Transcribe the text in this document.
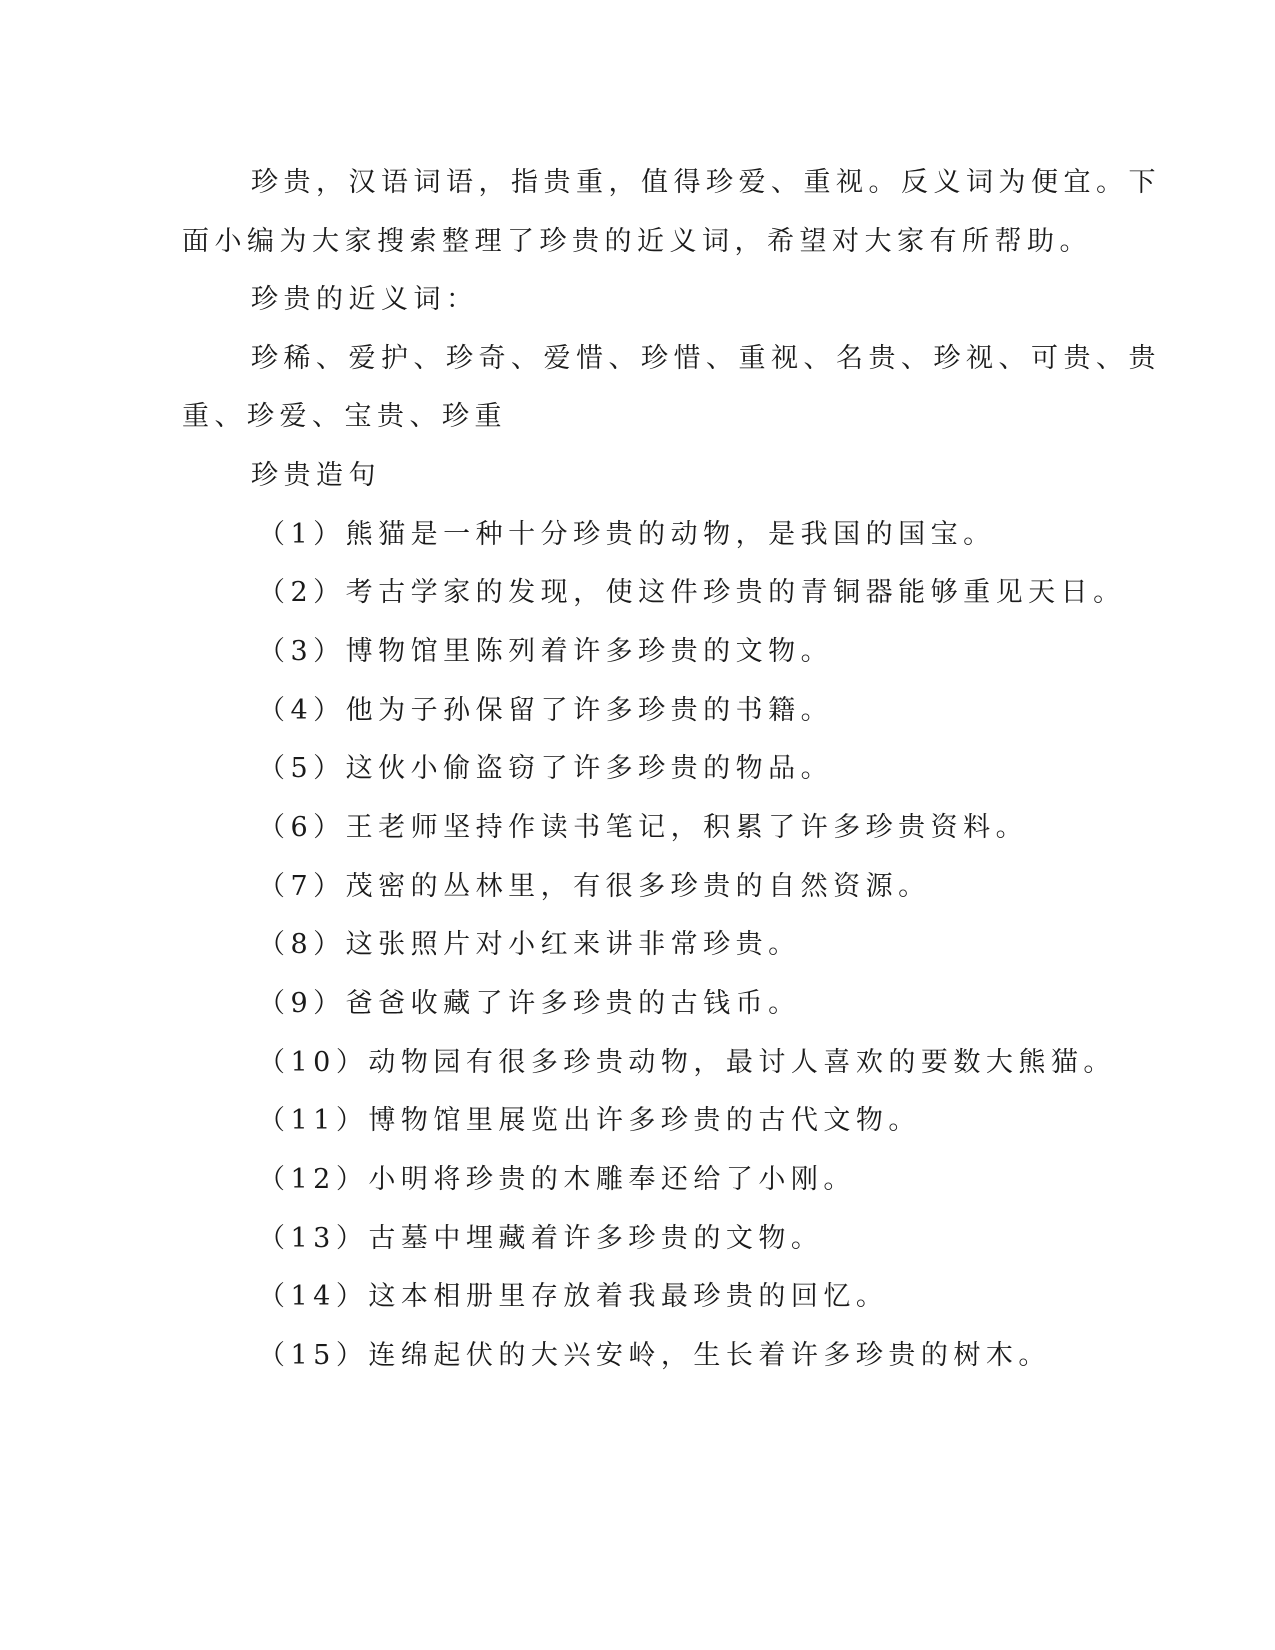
珍贵，汉语词语，指贵重，值得珍爱、重视。反义词为便宜。下
面小编为大家搜索整理了珍贵的近义词，希望对大家有所帮助。
珍贵的近义词：
珍稀、爱护、珍奇、爱惜、珍惜、重视、名贵、珍视、可贵、贵
重、珍爱、宝贵、珍重
珍贵造句
（1）熊猫是一种十分珍贵的动物，是我国的国宝。
（2）考古学家的发现，使这件珍贵的青铜器能够重见天日。
（3）博物馆里陈列着许多珍贵的文物。
（4）他为子孙保留了许多珍贵的书籍。
（5）这伙小偷盗窃了许多珍贵的物品。
（6）王老师坚持作读书笔记，积累了许多珍贵资料。
（7）茂密的丛林里，有很多珍贵的自然资源。
（8）这张照片对小红来讲非常珍贵。
（9）爸爸收藏了许多珍贵的古钱币。
（10）动物园有很多珍贵动物，最讨人喜欢的要数大熊猫。
（11）博物馆里展览出许多珍贵的古代文物。
（12）小明将珍贵的木雕奉还给了小刚。
（13）古墓中埋藏着许多珍贵的文物。
（14）这本相册里存放着我最珍贵的回忆。
（15）连绵起伏的大兴安岭，生长着许多珍贵的树木。
